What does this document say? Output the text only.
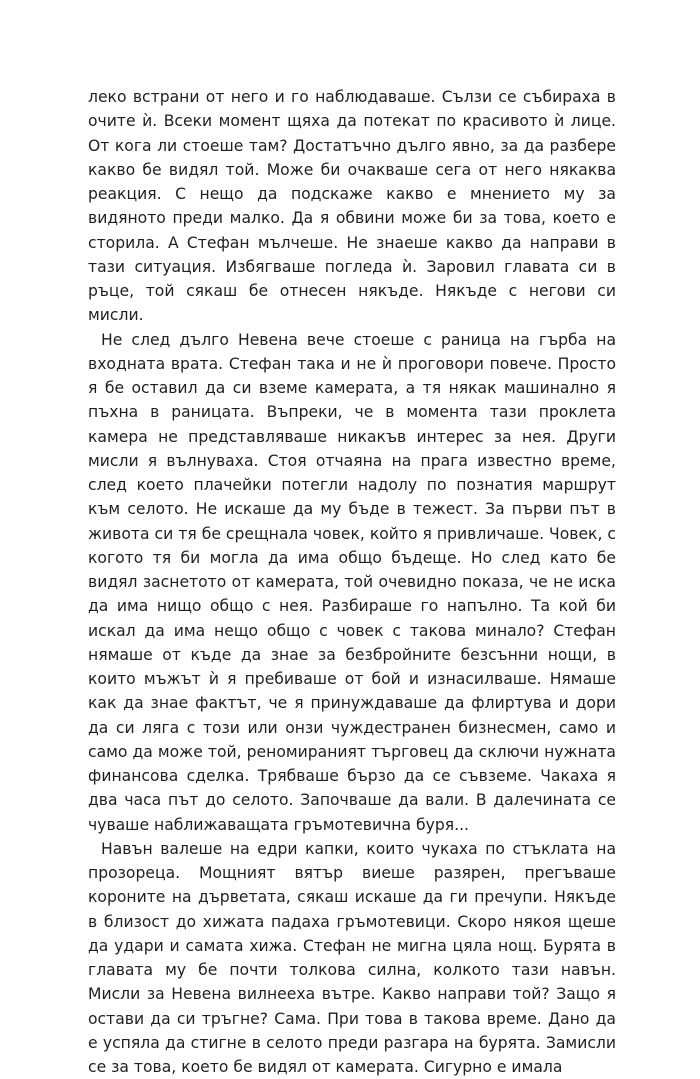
леко встрани от него и го наблюдаваше. Сълзи се събираха в очите ѝ. Всеки момент щяха да потекат по красивото ѝ лице. От кога ли стоеше там? Достатъчно дълго явно, за да разбере какво бе видял той. Може би очакваше сега от него някаква реакция. С нещо да подскаже какво е мнението му за видяното преди малко. Да я обвини може би за това, което е сторила. А Стефан мълчеше. Не знаеше какво да направи в тази ситуация. Избягваше погледа ѝ. Заровил главата си в ръце, той сякаш бе отнесен някъде. Някъде с негови си мисли.

Не след дълго Невена вече стоеше с раница на гърба на входната врата. Стефан така и не ѝ проговори повече. Просто я бе оставил да си вземе камерата, а тя някак машинално я пъхна в раницата. Въпреки, че в момента тази проклета камера не представляваше никакъв интерес за нея. Други мисли я вълнуваха. Стоя отчаяна на прага известно време, след което плачейки потегли надолу по познатия маршрут към селото. Не искаше да му бъде в тежест. За първи път в живота си тя бе срещнала човек, който я привличаше. Човек, с когото тя би могла да има общо бъдеще. Но след като бе видял заснетото от камерата, той очевидно показа, че не иска да има нищо общо с нея. Разбираше го напълно. Та кой би искал да има нещо общо с човек с такова минало? Стефан нямаше от къде да знае за безбройните безсънни нощи, в които мъжът ѝ я пребиваше от бой и изнасилваше. Нямаше как да знае фактът, че я принуждаваше да флиртува и дори да си ляга с този или онзи чуждестранен бизнесмен, само и само да може той, реномираният търговец да сключи нужната финансова сделка. Трябваше бързо да се съвземе. Чакаха я два часа път до селото. Започваше да вали. В далечината се чуваше наближаващата гръмотевична буря...

Навън валеше на едри капки, които чукаха по стъклата на прозореца. Мощният вятър виеше разярен, прегъваше короните на дърветата, сякаш искаше да ги пречупи. Някъде в близост до хижата падаха гръмотевици. Скоро някоя щеше да удари и самата хижа. Стефан не мигна цяла нощ. Бурята в главата му бе почти толкова силна, колкото тази навън. Мисли за Невена вилнееха вътре. Какво направи той? Защо я остави да си тръгне? Сама. При това в такова време. Дано да е успяла да стигне в селото преди разгара на бурята. Замисли се за това, което бе видял от камерата. Сигурно е имала
